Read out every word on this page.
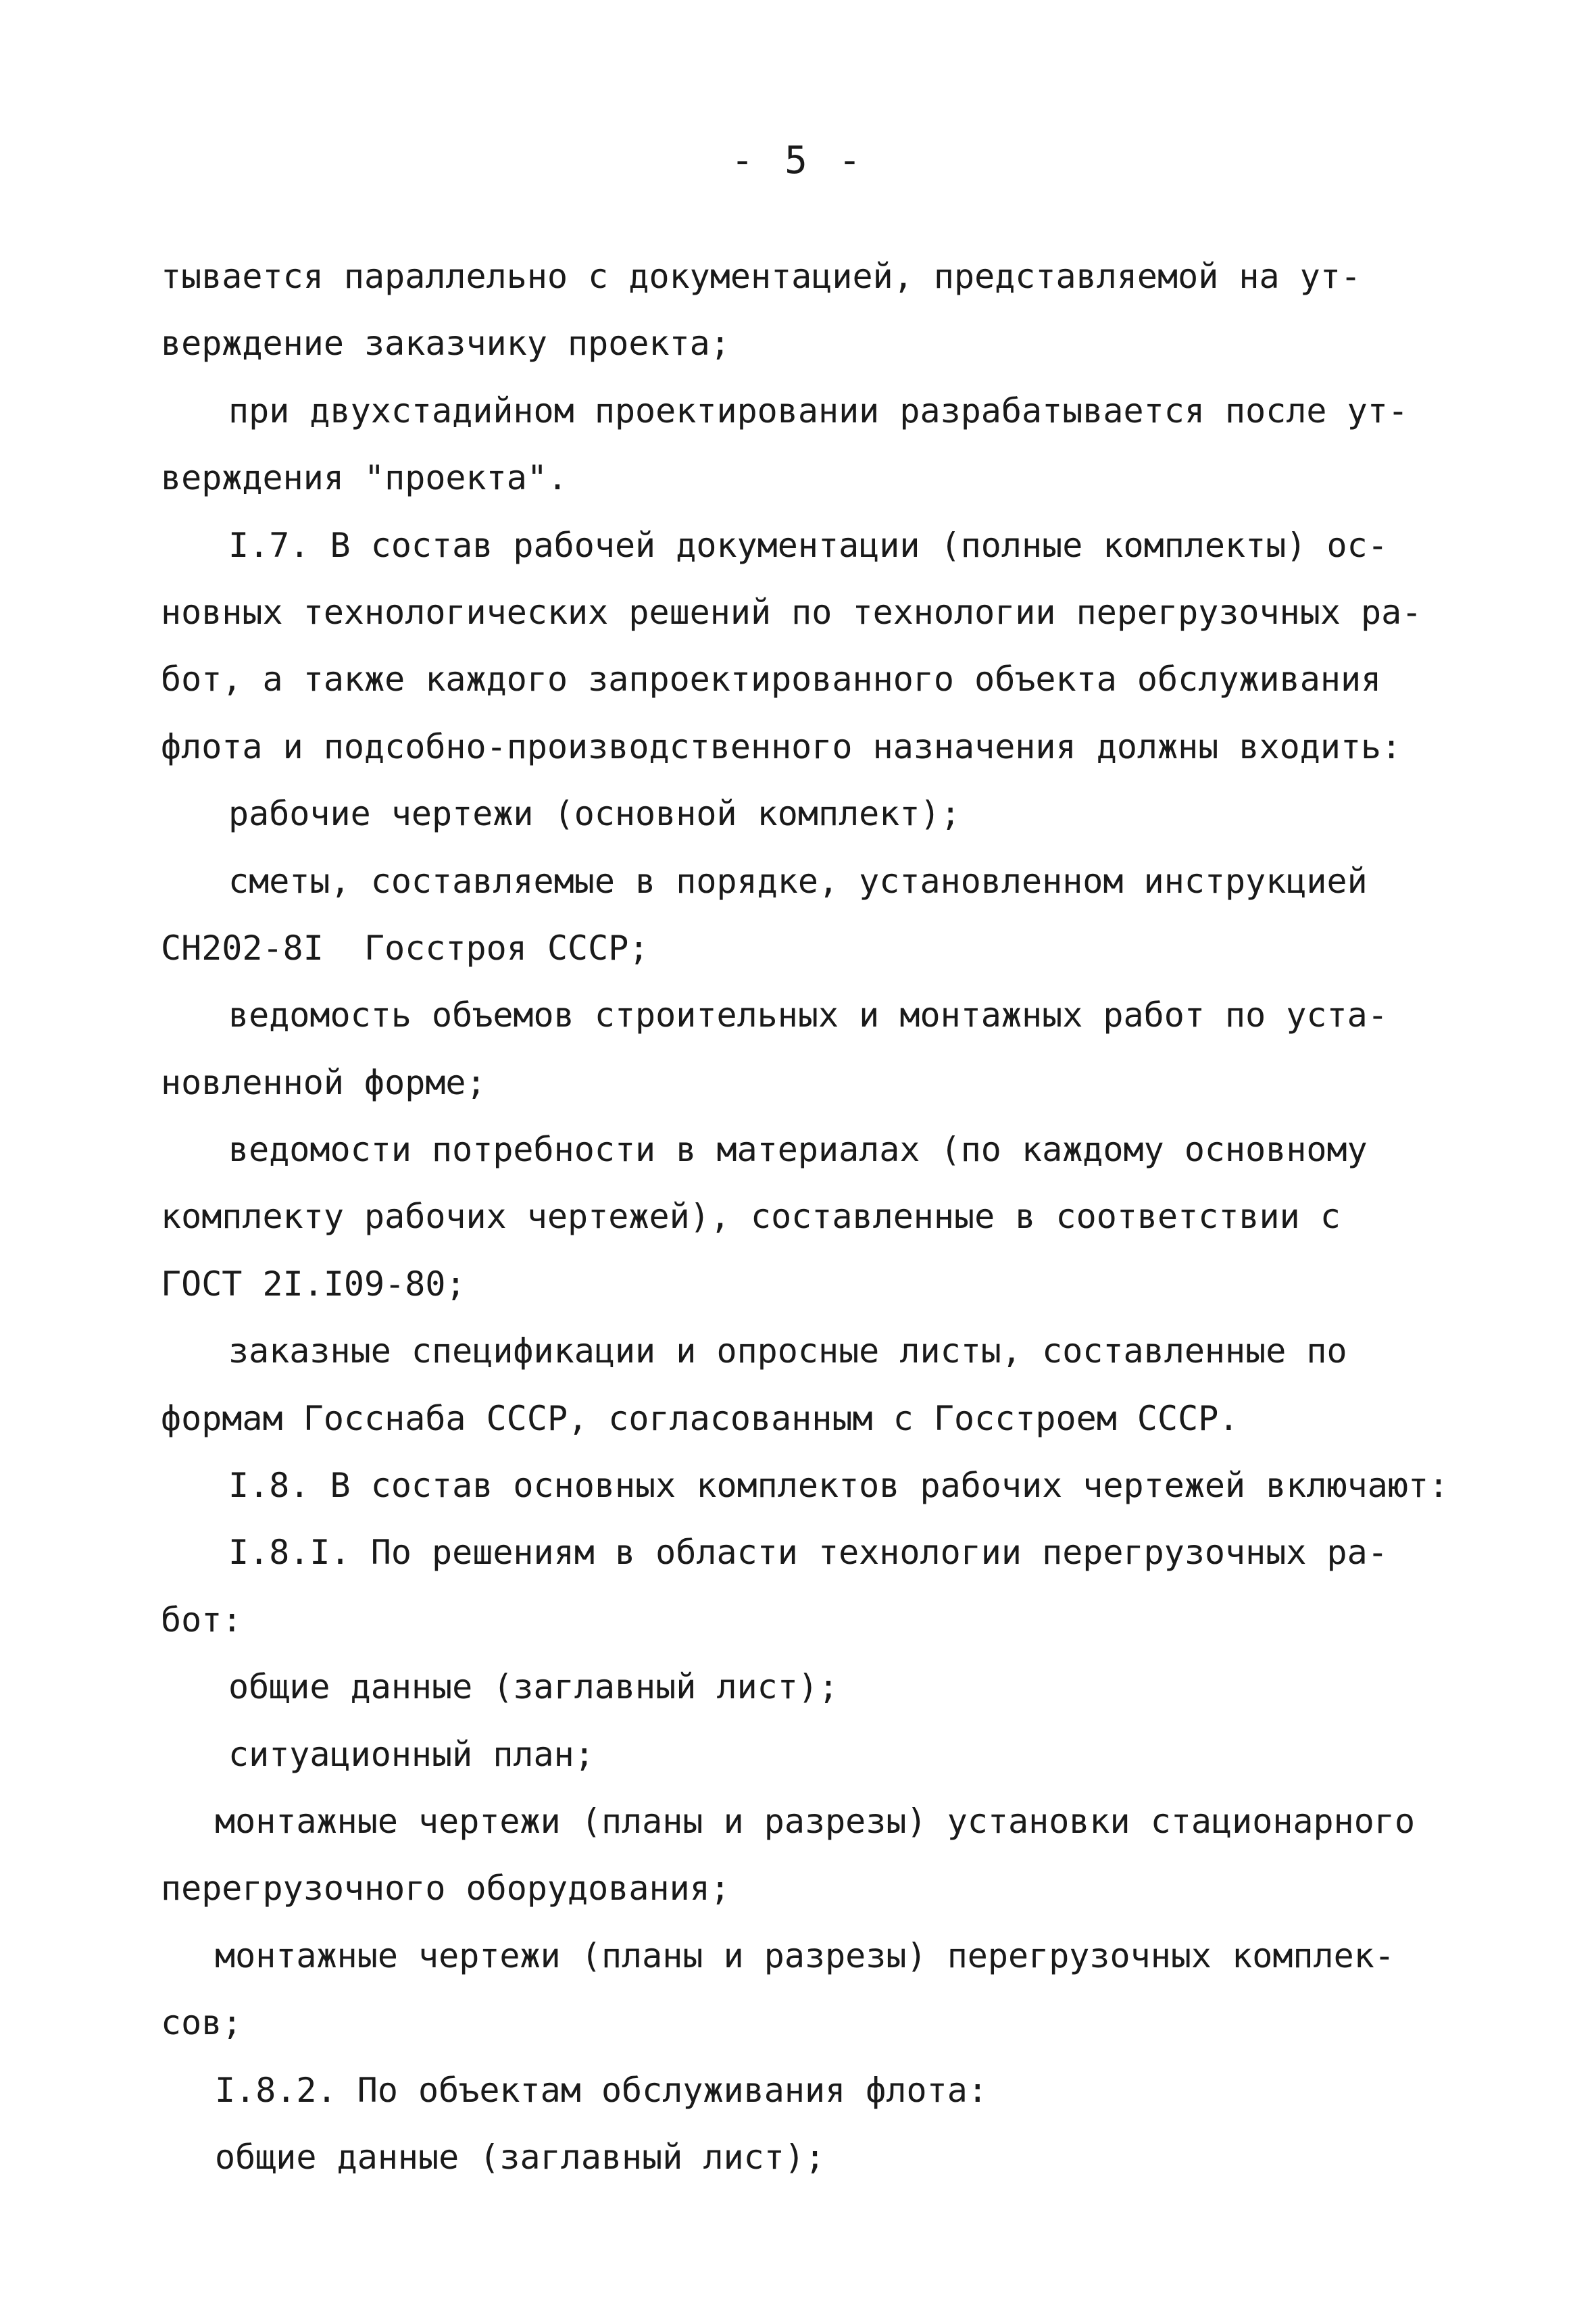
- 5 -
тывается параллельно с документацией, представляемой на ут-
верждение заказчику проекта;
при двухстадийном проектировании разрабатывается после ут-
верждения "проекта".
I.7. В состав рабочей документации (полные комплекты) ос-
новных технологических решений по технологии перегрузочных ра-
бот, а также каждого запроектированного объекта обслуживания
флота и подсобно-производственного назначения должны входить:
рабочие чертежи (основной комплект);
сметы, составляемые в порядке, установленном инструкцией
СН202-8I  Госстроя СССР;
ведомость объемов строительных и монтажных работ по уста-
новленной форме;
ведомости потребности в материалах (по каждому основному
комплекту рабочих чертежей), составленные в соответствии с
ГОСТ 2I.I09-80;
заказные спецификации и опросные листы, составленные по
формам Госснаба СССР, согласованным с Госстроем СССР.
I.8. В состав основных комплектов рабочих чертежей включают:
I.8.I. По решениям в области технологии перегрузочных ра-
бот:
общие данные (заглавный лист);
ситуационный план;
монтажные чертежи (планы и разрезы) установки стационарного
перегрузочного оборудования;
монтажные чертежи (планы и разрезы) перегрузочных комплек-
сов;
I.8.2. По объектам обслуживания флота:
общие данные (заглавный лист);
